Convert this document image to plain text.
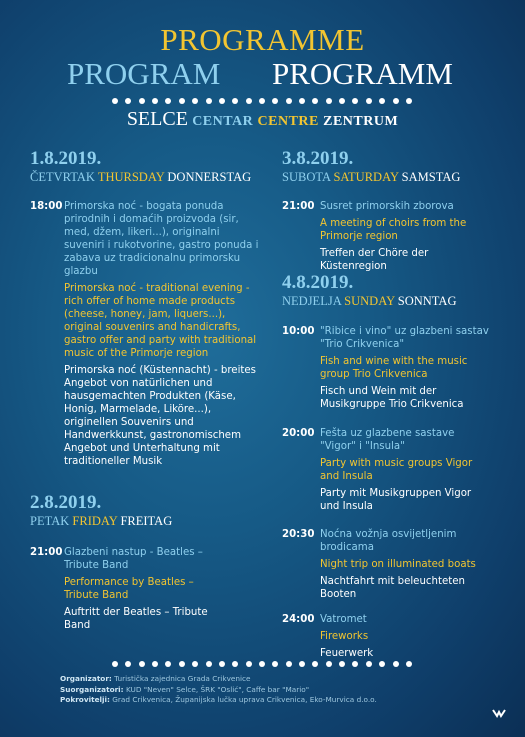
PROGRAMME
PROGRAM PROGRAMM
SELCE CENTAR CENTRE ZENTRUM
1.8.2019.
ČETVRTAK THURSDAY DONNERSTAG
18:00 Primorska noć - bogata ponuda prirodnih i domaćih proizvoda (sir, med, džem, likeri...), originalni suveniri i rukotvorine, gastro ponuda i zabava uz tradicionalnu primorsku glazbu

Primorska noć - traditional evening - rich offer of home made products (cheese, honey, jam, liquers...), original souvenirs and handicrafts, gastro offer and party with traditional music of the Primorje region

Primorska noć (Küstennacht) - breites Angebot von natürlichen und hausgemachten Produkten (Käse, Honig, Marmelade, Liköre...), originellen Souvenirs und Handwerkkunst, gastronomischem Angebot und Unterhaltung mit traditioneller Musik

2.8.2019.
PETAK FRIDAY FREITAG
21:00 Glazbeni nastup - Beatles – Tribute Band

Performance by Beatles – Tribute Band

Auftritt der Beatles – Tribute Band

3.8.2019.
SUBOTA SATURDAY SAMSTAG
21:00 Susret primorskih zborova

A meeting of choirs from the Primorje region

Treffen der Chöre der Küstenregion

4.8.2019.
NEDJELJA SUNDAY SONNTAG
10:00 "Ribice i vino" uz glazbeni sastav "Trio Crikvenica"

Fish and wine with the music group Trio Crikvenica

Fisch und Wein mit der Musikgruppe Trio Crikvenica

20:00 Fešta uz glazbene sastave "Vigor" i "Insula"

Party with music groups Vigor and Insula

Party mit Musikgruppen Vigor und Insula

20:30 Noćna vožnja osvijetljenim brodicama

Night trip on illuminated boats

Nachtfahrt mit beleuchteten Booten

24:00 Vatromet

Fireworks

Feuerwerk

Organizator: Turistička zajednica Grada Crikvenice
Suorganizatori: KUD "Neven" Selce, ŠRK "Oslić", Caffe bar "Mario"
Pokrovitelji: Grad Crikvenica, Županijska lučka uprava Crikvenica, Eko-Murvica d.o.o.
